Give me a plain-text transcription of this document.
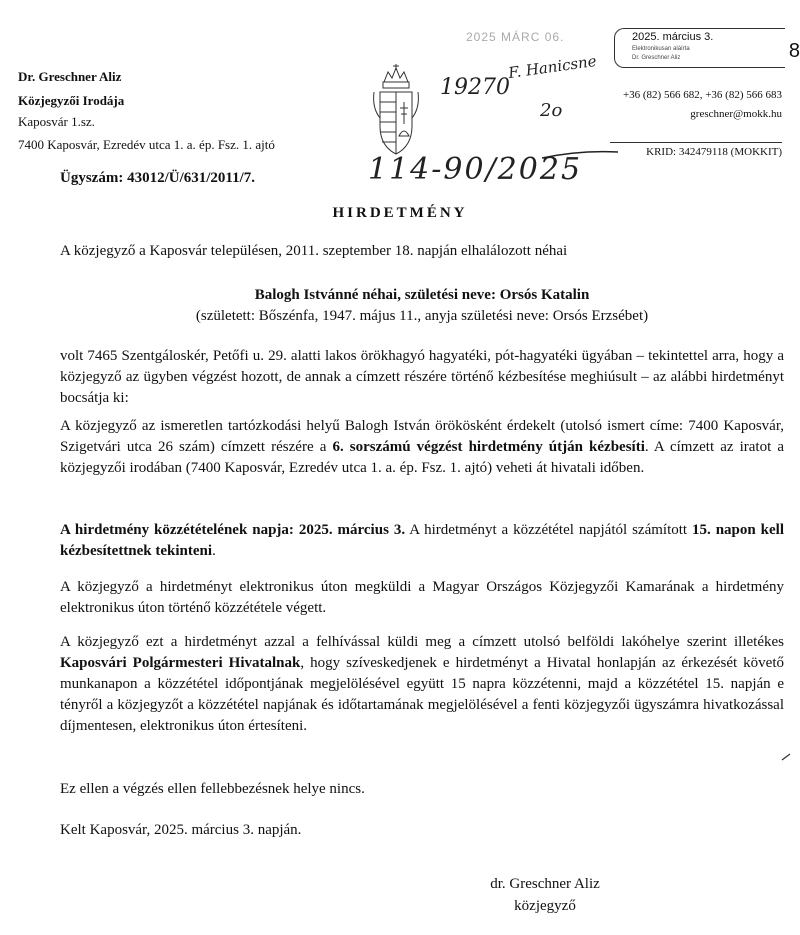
Dr. Greschner Aliz
Közjegyzői Irodája
Kaposvár 1.sz.
7400 Kaposvár, Ezredév utca 1. a. ép. Fsz. 1. ajtó
Ügyszám: 43012/Ü/631/2011/7.
2025 MÁRC 06.
19270
F. Hanicsne
2o
114-90/2025
2025. március 3.
Elektronikusan aláírta
Dr. Greschner Aliz	8
+36 (82) 566 682, +36 (82) 566 683
greschner@mokk.hu
KRID: 342479118 (MOKKIT)
HIRDETMÉNY
A közjegyző a Kaposvár településen, 2011. szeptember 18. napján elhalálozott néhai
Balogh Istvánné néhai, születési neve: Orsós Katalin
(született: Bőszénfa, 1947. május 11., anyja születési neve: Orsós Erzsébet)
volt 7465 Szentgáloskér, Petőfi u. 29. alatti lakos örökhagyó hagyatéki, pót-hagyatéki ügyában – tekintettel arra, hogy a közjegyző az ügyben végzést hozott, de annak a címzett részére történő kézbesítése meghiúsult – az alábbi hirdetményt bocsátja ki:
A közjegyző az ismeretlen tartózkodási helyű Balogh István örökösként érdekelt (utolsó ismert címe: 7400 Kaposvár, Szigetvári utca 26 szám) címzett részére a 6. sorszámú végzést hirdetmény útján kézbesíti. A címzett az iratot a közjegyzői irodában (7400 Kaposvár, Ezredév utca 1. a. ép. Fsz. 1. ajtó) veheti át hivatali időben.
A hirdetmény közzétételének napja: 2025. március 3. A hirdetményt a közzététel napjától számított 15. napon kell kézbesítettnek tekinteni.
A közjegyző a hirdetményt elektronikus úton megküldi a Magyar Országos Közjegyzői Kamarának a hirdetmény elektronikus úton történő közzététele végett.
A közjegyző ezt a hirdetményt azzal a felhívással küldi meg a címzett utolsó belföldi lakóhelye szerint illetékes Kaposvári Polgármesteri Hivatalnak, hogy szíveskedjenek e hirdetményt a Hivatal honlapján az érkezését követő munkanapon a közzététel időpontjának megjelölésével együtt 15 napra közzétenni, majd a közzététel 15. napján e tényről a közjegyzőt a közzététel napjának és időtartamának megjelölésével a fenti közjegyzői ügyszámra hivatkozással díjmentesen, elektronikus úton értesíteni.
Ez ellen a végzés ellen fellebbezésnek helye nincs.
Kelt Kaposvár, 2025. március 3. napján.
dr. Greschner Aliz
közjegyző
